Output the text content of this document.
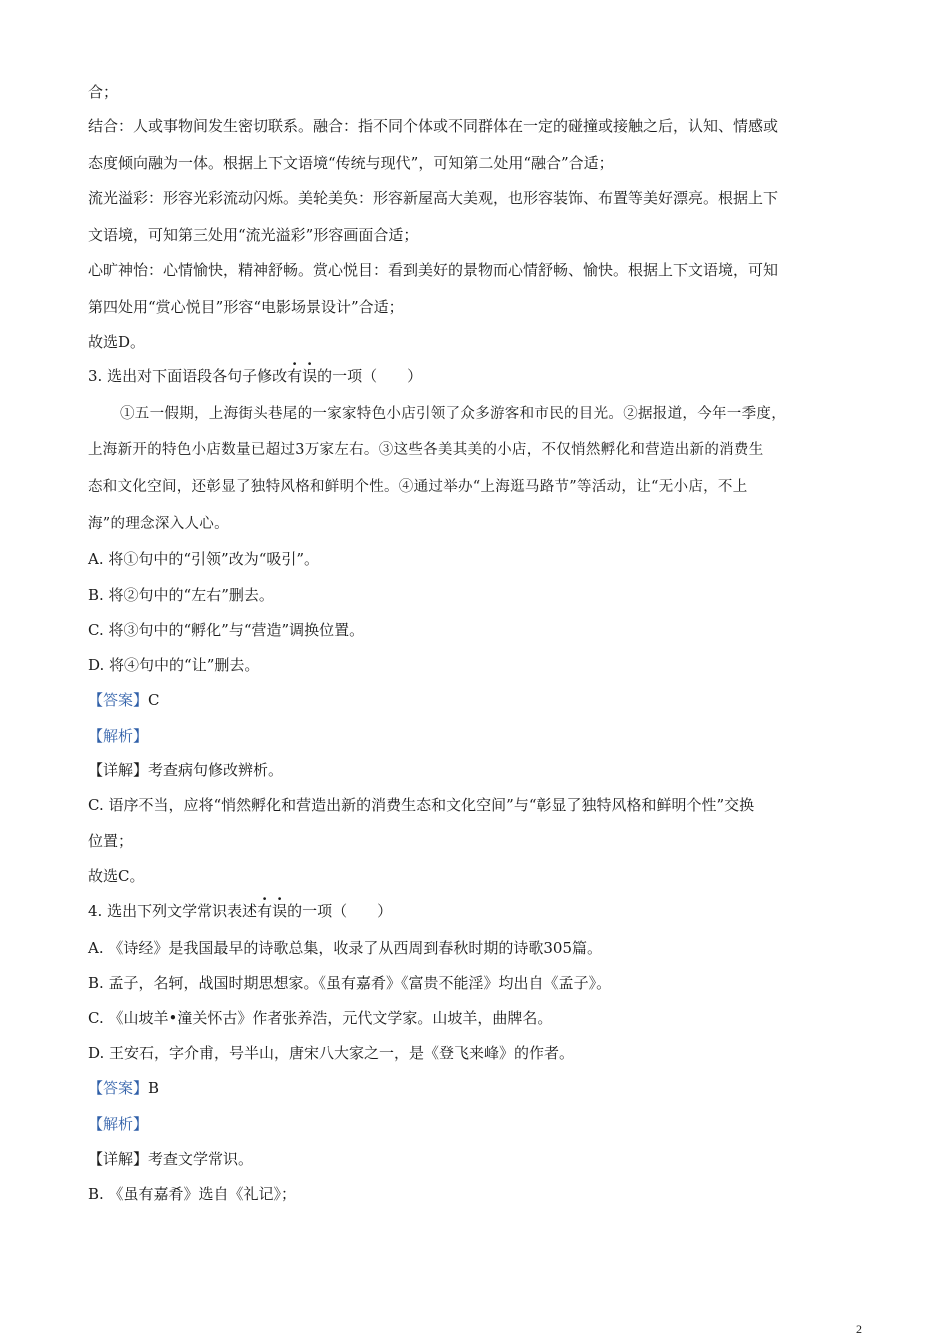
合；
结合：人或事物间发生密切联系。融合：指不同个体或不同群体在一定的碰撞或接触之后，认知、情感或
态度倾向融为一体。根据上下文语境“传统与现代”，可知第二处用“融合”合适；
流光溢彩：形容光彩流动闪烁。美轮美奂：形容新屋高大美观，也形容装饰、布置等美好漂亮。根据上下
文语境，可知第三处用“流光溢彩”形容画面合适；
心旷神怡：心情愉快，精神舒畅。赏心悦目：看到美好的景物而心情舒畅、愉快。根据上下文语境，可知
第四处用“赏心悦目”形容“电影场景设计”合适；
故选D。
3. 选出对下面语段各句子修改有误的一项（　　）
①五一假期，上海街头巷尾的一家家特色小店引领了众多游客和市民的目光。②据报道，今年一季度，
上海新开的特色小店数量已超过3万家左右。③这些各美其美的小店，不仅悄然孵化和营造出新的消费生
态和文化空间，还彰显了独特风格和鲜明个性。④通过举办“上海逛马路节”等活动，让“无小店，不上
海”的理念深入人心。
A. 将①句中的“引领”改为“吸引”。
B. 将②句中的“左右”删去。
C. 将③句中的“孵化”与“营造”调换位置。
D. 将④句中的“让”删去。
【答案】C
【解析】
【详解】考查病句修改辨析。
C. 语序不当，应将“悄然孵化和营造出新的消费生态和文化空间”与“彰显了独特风格和鲜明个性”交换
位置；
故选C。
4. 选出下列文学常识表述有误的一项（　　）
A. 《诗经》是我国最早的诗歌总集，收录了从西周到春秋时期的诗歌305篇。
B. 孟子，名轲，战国时期思想家。《虽有嘉肴》《富贵不能淫》均出自《孟子》。
C. 《山坡羊•潼关怀古》作者张养浩，元代文学家。山坡羊，曲牌名。
D. 王安石，字介甫，号半山，唐宋八大家之一，是《登飞来峰》的作者。
【答案】B
【解析】
【详解】考查文学常识。
B. 《虽有嘉肴》选自《礼记》；
2
